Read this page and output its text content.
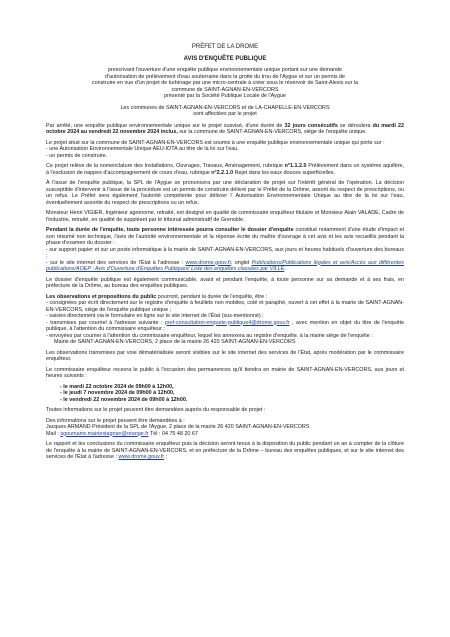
PRÉFET DE LA DROME

AVIS D'ENQUÊTE PUBLIQUE

prescrivant l'ouverture d'une enquête publique environnementale unique portant sur une demande

d'autorisation de prélèvement d'eau souterraine dans la grotte du trou de l'Aygue et sur un permis de

construire en vue d'un projet de turbinage par une micro-centrale à créer sous le réservoir de Saint-Alexis sur la

commune de SAINT-AGNAN-EN-VERCORS

présenté par la Société Publique Locale de l'Aygue

Les communes de SAINT-AGNAN-EN-VERCORS et de LA-CHAPELLE-EN-VERCORS

sont affectées par le projet

Par arrêté, une enquête publique environnementale unique sur le projet susvisé, d'une durée de 32 jours consécutifs se déroulera du mardi 22 octobre 2024 au vendredi 22 novembre 2024 inclus, sur la commune de SAINT-AGNAN-EN-VERCORS, siège de l'enquête unique.

Le projet situé sur la commune de SAINT-AGNAN-EN-VERCORS est soumis à une enquête publique environnementale unique qui porte sur :

- une Autorisation Environnementale Unique AEU-IOTA au titre de la loi sur l'eau,

- un permis de construire.

Ce projet relève de la nomenclature des Installations, Ouvrages, Travaux, Aménagement, rubrique n°1.1.2.0 Prélèvement dans un système aquifère, à l'exclusion de nappes d'accompagnement de cours d'eau, rubrique n°2.2.1.0 Rejet dans les eaux douces superficielles.

À l'issue de l'enquête publique, la SPL de l'Aygue se prononcera par une déclaration de projet sur l'intérêt général de l'opération. La décision susceptible d'intervenir à l'issue de la procédure est un permis de construire délivré par le Préfet de la Drôme, assorti du respect de prescriptions, ou un refus. Le Préfet sera également l'autorité compétente pour délivrer l' Autorisation Environnementale Unique au titre de la loi sur l'eau, éventuellement assortie du respect de prescriptions ou un refus.

Monsieur Henri VIGIER, Ingénieur agronome, retraité, est désigné en qualité de commissaire enquêteur titulaire et Monsieur Alain VALADE, Cadre de l'industrie, retraité, en qualité de suppléant par le tribunal administratif de Grenoble.

Pendant la durée de l'enquête, toute personne intéressée pourra consulter le dossier d'enquête constitué notamment d'une étude d'impact et son résumé non technique, l'avis de l'autorité environnementale et la réponse écrite du maître d'ouvrage à cet avis et les avis recueillis pendant la phase d'examen du dossier :

- sur support papier et sur un poste informatique à la mairie de SAINT-AGNAN-EN-VERCORS, aux jours et heures habituels d'ouverture des bureaux ;

- sur le site internet des services de l'État à l'adresse : www.drome.gouv.fr, onglet Publications/Publications légales et avis/Accès aux différentes publications/AOEP : Avis d'Ouverture d'Enquêtes Publiques/ Liste des enquêtes classées par VILLE.

Le dossier d'enquête publique est également communicable, avant et pendant l'enquête, à toute personne sur sa demande et à ses frais, en préfecture de la Drôme, au bureau des enquêtes publiques.

Les observations et propositions du public pourront, pendant la durée de l'enquête, être :

- consignées par écrit directement sur le registre d'enquête à feuillets non mobiles, coté et paraphé, ouvert à cet effet à la mairie de SAINT-AGNAN-EN-VERCORS, siège de l'enquête publique unique ;

- saisies directement via le formulaire en ligne sur le site internet de l'État (sus-mentionné) ;

- transmises par courriel à l'adresse suivante : pref-consultation-enquete-publique4@drome.gouv.fr , avec mention en objet du titre de l'enquête publique, à l'attention du commissaire enquêteur ;

- envoyées par courrier à l'attention du commissaire enquêteur, lequel les annexera au registre d'enquête, à la mairie siège de l'enquête :

Mairie de SAINT-AGNAN-EN-VERCORS, 2 place de la mairie 26 420 SAINT-AGNAN-EN-VERCORS

Les observations transmises par voie dématérialisée seront visibles sur le site internet des services de l'État, après modération par le commissaire enquêteur.

Le commissaire enquêteur recevra le public à l'occasion des permanences qu'il tiendra en mairie de SAINT-AGNAN-EN-VERCORS, aux jours et heures suivants :

- le mardi 22 octobre 2024 de 09h00 à 12h00,

- le jeudi 7 novembre 2024 de 09h00 à 12h00,

- le vendredi 22 novembre 2024 de 09h00 à 12h00.

Toutes informations sur le projet peuvent être demandées auprès du responsable de projet :

Des informations sur le projet peuvent être demandées à :

Jacques ARMAND Président de la SPL de l'Aygue, 2 place de la mairie 26 420 SAINT-AGNAN-EN-VERCORS

Mail : sgoumarre.mairiestagnan@orange.fr Tél : 04 75 48 20 67

Le rapport et les conclusions du commissaire enquêteur puis la décision seront tenus à la disposition du public pendant un an à compter de la clôture de l'enquête à la mairie de SAINT-AGNAN-EN-VERCORS, et en préfecture de la Drôme – bureau des enquêtes publiques, et sur le site internet des services de l'État à l'adresse : www.drome.gouv.fr ;
